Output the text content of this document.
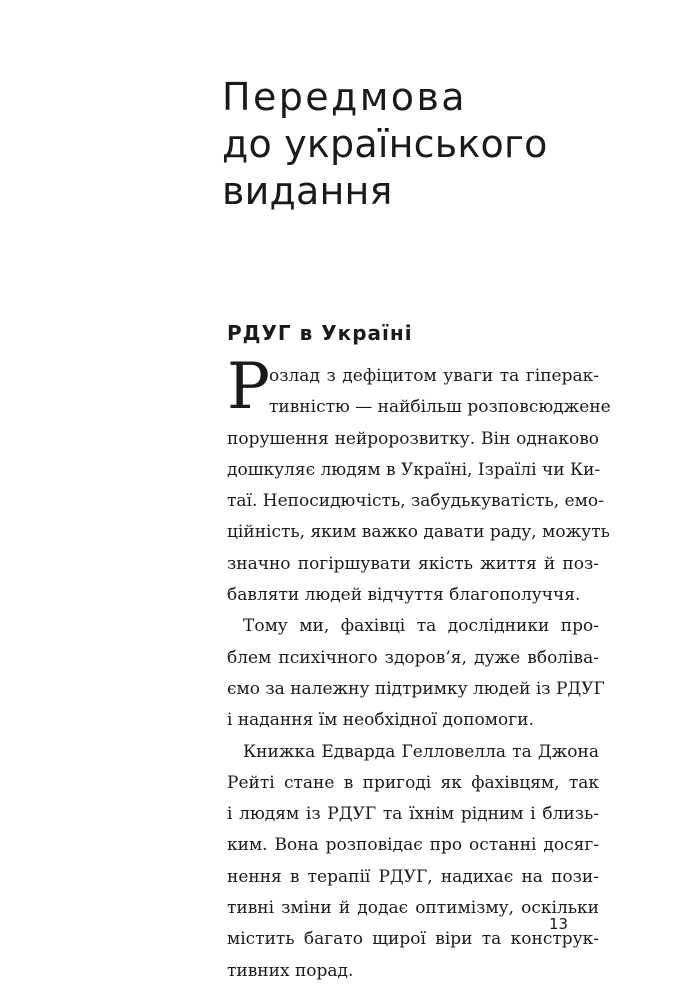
Передмова
до українського
видання
РДУГ в Україні
Р
озлад з дефіцитом уваги та гіперак-
тивністю — найбільш розповсюджене
порушення нейророзвитку. Він однаково
дошкуляє людям в Україні, Ізраїлі чи Ки-
таї. Непосидючість, забудькуватість, емо-
ційність, яким важко давати раду, можуть
значно погіршувати якість життя й поз-
бавляти людей відчуття благополуччя.
Тому ми, фахівці та дослідники про-
блем психічного здоров’я, дуже вболіва-
ємо за належну підтримку людей із РДУГ
і надання їм необхідної допомоги.
Книжка Едварда Гелловелла та Джона
Рейті стане в пригоді як фахівцям, так
і людям із РДУГ та їхнім рідним і близь-
ким. Вона розповідає про останні досяг-
нення в терапії РДУГ, надихає на пози-
тивні зміни й додає оптимізму, оскільки
містить багато щирої віри та конструк-
тивних порад.
13
